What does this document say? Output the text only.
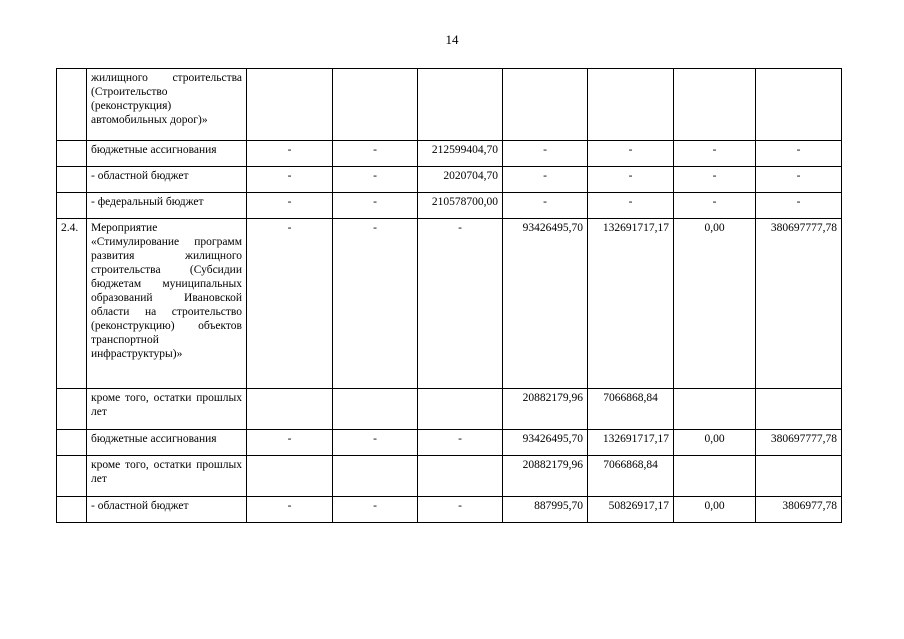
14
	жилищного строительства (Строительство (реконструкция) автомобильных дорог)»							
	бюджетные ассигнования	-	-	212599404,70	-	-	-	-
	- областной бюджет	-	-	2020704,70	-	-	-	-
	- федеральный бюджет	-	-	210578700,00	-	-	-	-
2.4.	Мероприятие «Стимулирование программ развития жилищного строительства (Субсидии бюджетам муниципальных образований Ивановской области на строительство (реконструкцию) объектов транспортной инфраструктуры)»	-	-	-	93426495,70	132691717,17	0,00	380697777,78
	кроме того, остатки прошлых лет				20882179,96	7066868,84		
	бюджетные ассигнования	-	-	-	93426495,70	132691717,17	0,00	380697777,78
	кроме того, остатки прошлых лет				20882179,96	7066868,84		
	- областной бюджет	-	-	-	887995,70	50826917,17	0,00	3806977,78
